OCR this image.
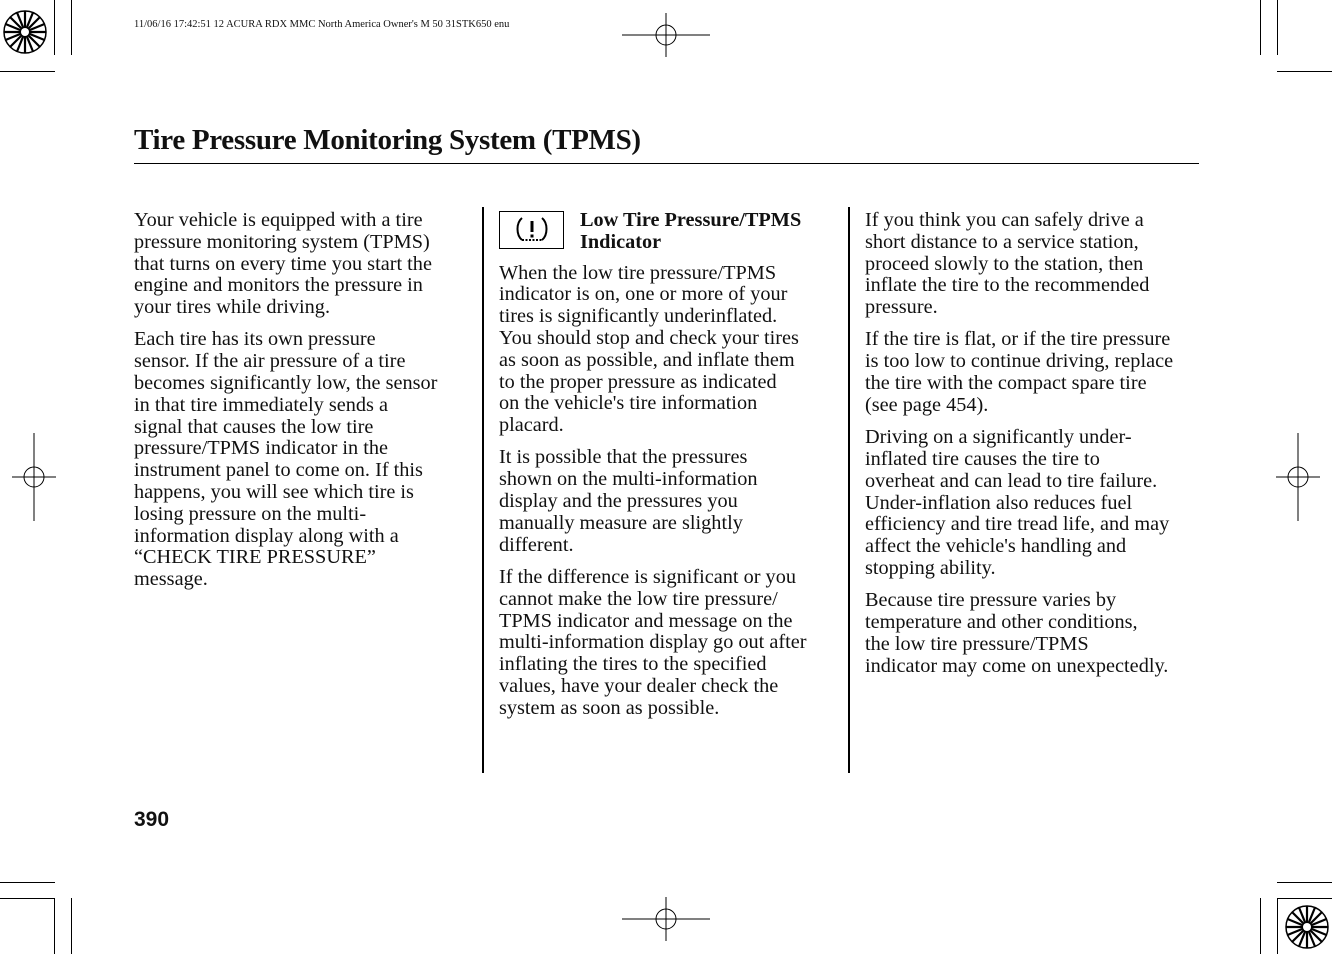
11/06/16 17:42:51 12 ACURA RDX MMC North America Owner's M 50 31STK650 enu
Tire Pressure Monitoring System (TPMS)

Your vehicle is equipped with a tire
pressure monitoring system (TPMS)
that turns on every time you start the
engine and monitors the pressure in
your tires while driving.

Each tire has its own pressure
sensor. If the air pressure of a tire
becomes significantly low, the sensor
in that tire immediately sends a
signal that causes the low tire
pressure/TPMS indicator in the
instrument panel to come on. If this
happens, you will see which tire is
losing pressure on the multi-
information display along with a
“CHECK TIRE PRESSURE”
message.

Low Tire Pressure/TPMS
Indicator

When the low tire pressure/TPMS
indicator is on, one or more of your
tires is significantly underinflated.
You should stop and check your tires
as soon as possible, and inflate them
to the proper pressure as indicated
on the vehicle's tire information
placard.

It is possible that the pressures
shown on the multi-information
display and the pressures you
manually measure are slightly
different.

If the difference is significant or you
cannot make the low tire pressure/
TPMS indicator and message on the
multi-information display go out after
inflating the tires to the specified
values, have your dealer check the
system as soon as possible.

If you think you can safely drive a
short distance to a service station,
proceed slowly to the station, then
inflate the tire to the recommended
pressure.

If the tire is flat, or if the tire pressure
is too low to continue driving, replace
the tire with the compact spare tire
(see page 454).

Driving on a significantly under-
inflated tire causes the tire to
overheat and can lead to tire failure.
Under-inflation also reduces fuel
efficiency and tire tread life, and may
affect the vehicle's handling and
stopping ability.

Because tire pressure varies by
temperature and other conditions,
the low tire pressure/TPMS
indicator may come on unexpectedly.

390
